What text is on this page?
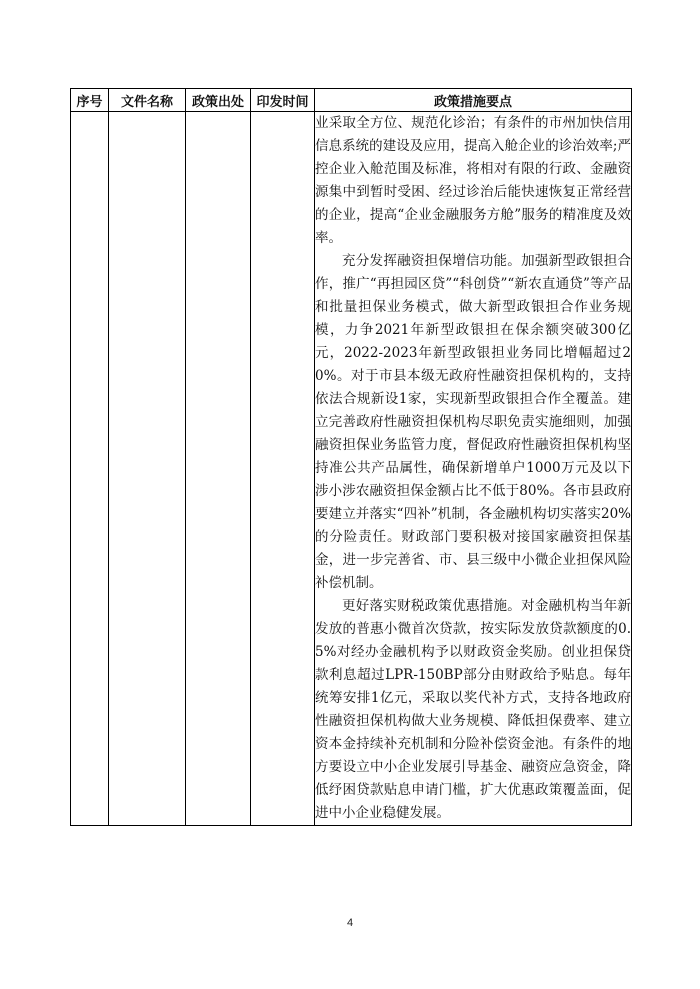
序号	文件名称	政策出处	印发时间	政策措施要点

				业采取全方位、规范化诊治；有条件的市州加快信用信息系统的建设及应用，提高入舱企业的诊治效率;严控企业入舱范围及标准，将相对有限的行政、金融资源集中到暂时受困、经过诊治后能快速恢复正常经营的企业，提高“企业金融服务方舱”服务的精准度及效率。

充分发挥融资担保增信功能。加强新型政银担合作，推广“再担园区贷”“科创贷”“新农直通贷”等产品和批量担保业务模式，做大新型政银担合作业务规模，力争2021年新型政银担在保余额突破300亿元，2022-2023年新型政银担业务同比增幅超过20%。对于市县本级无政府性融资担保机构的，支持依法合规新设1家，实现新型政银担合作全覆盖。建立完善政府性融资担保机构尽职免责实施细则，加强融资担保业务监管力度，督促政府性融资担保机构坚持准公共产品属性，确保新增单户1000万元及以下涉小涉农融资担保金额占比不低于80%。各市县政府要建立并落实“四补”机制，各金融机构切实落实20%的分险责任。财政部门要积极对接国家融资担保基金，进一步完善省、市、县三级中小微企业担保风险补偿机制。

更好落实财税政策优惠措施。对金融机构当年新发放的普惠小微首次贷款，按实际发放贷款额度的0.5%对经办金融机构予以财政资金奖励。创业担保贷款利息超过LPR-150BP部分由财政给予贴息。每年统筹安排1亿元，采取以奖代补方式，支持各地政府性融资担保机构做大业务规模、降低担保费率、建立资本金持续补充机制和分险补偿资金池。有条件的地方要设立中小企业发展引导基金、融资应急资金，降低纾困贷款贴息申请门槛，扩大优惠政策覆盖面，促进中小企业稳健发展。

4
